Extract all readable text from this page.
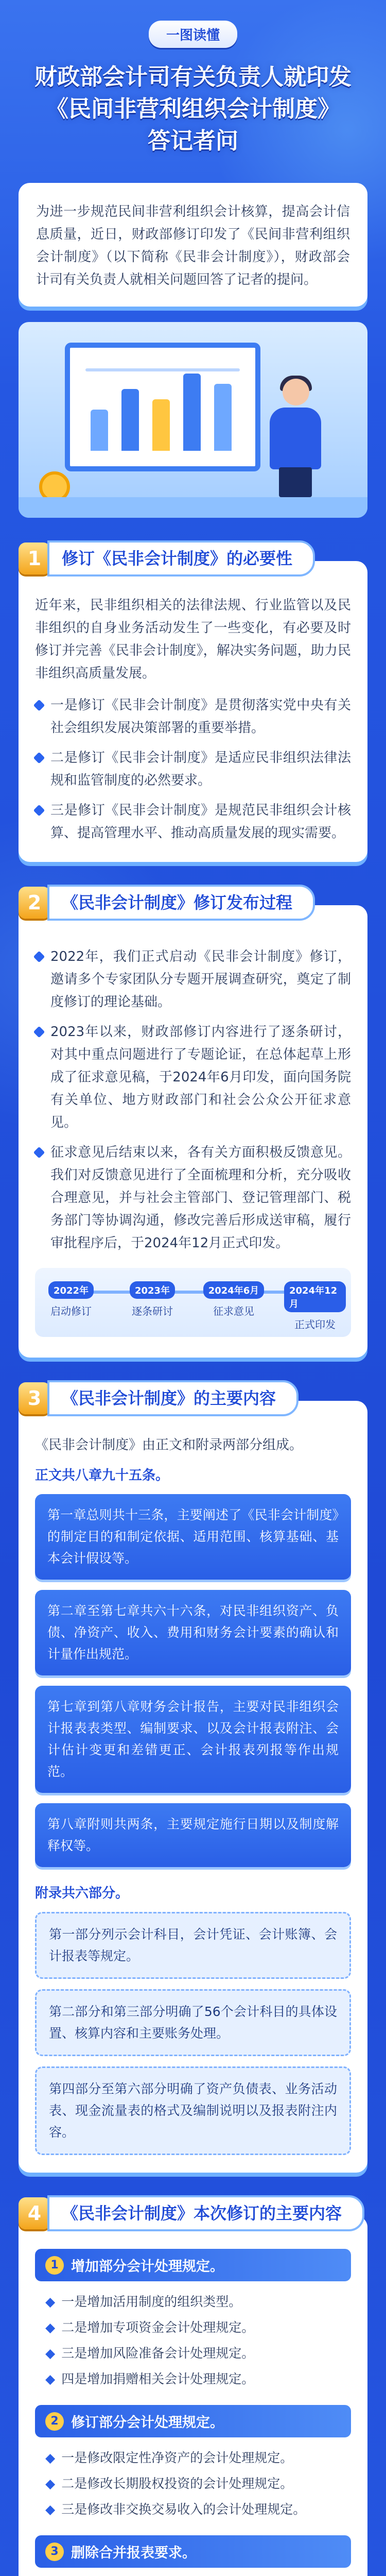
一图读懂
财政部会计司有关负责人就印发
《民间非营利组织会计制度》
答记者问

为进一步规范民间非营利组织会计核算，提高会计信息质量，近日，财政部修订印发了《民间非营利组织会计制度》（以下简称《民非会计制度》），财政部会计司有关负责人就相关问题回答了记者的提问。

1	修订《民非会计制度》的必要性

近年来，民非组织相关的法律法规、行业监管以及民非组织的自身业务活动发生了一些变化，有必要及时修订并完善《民非会计制度》，解决实务问题，助力民非组织高质量发展。

一是修订《民非会计制度》是贯彻落实党中央有关社会组织发展决策部署的重要举措。
二是修订《民非会计制度》是适应民非组织法律法规和监管制度的必然要求。
三是修订《民非会计制度》是规范民非组织会计核算、提高管理水平、推动高质量发展的现实需要。
2	《民非会计制度》修订发布过程
2022年，我们正式启动《民非会计制度》修订，邀请多个专家团队分专题开展调查研究，奠定了制度修订的理论基础。
2023年以来，财政部修订内容进行了逐条研讨，对其中重点问题进行了专题论证，在总体起草上形成了征求意见稿，于2024年6月印发，面向国务院有关单位、地方财政部门和社会公众公开征求意见。
征求意见后结束以来，各有关方面积极反馈意见。我们对反馈意见进行了全面梳理和分析，充分吸收合理意见，并与社会主管部门、登记管理部门、税务部门等协调沟通，修改完善后形成送审稿，履行审批程序后，于2024年12月正式印发。
2022年
启动修订
2023年
逐条研讨
2024年6月
征求意见
2024年12月
正式印发
3	《民非会计制度》的主要内容

《民非会计制度》由正文和附录两部分组成。

正文共八章九十五条。
第一章总则共十三条，主要阐述了《民非会计制度》的制定目的和制定依据、适用范围、核算基础、基本会计假设等。
第二章至第七章共六十六条，对民非组织资产、负债、净资产、收入、费用和财务会计要素的确认和计量作出规范。
第七章到第八章财务会计报告，主要对民非组织会计报表表类型、编制要求、以及会计报表附注、会计估计变更和差错更正、会计报表列报等作出规范。
第八章附则共两条，主要规定施行日期以及制度解释权等。
附录共六部分。
第一部分列示会计科目，会计凭证、会计账簿、会计报表等规定。
第二部分和第三部分明确了56个会计科目的具体设置、核算内容和主要账务处理。
第四部分至第六部分明确了资产负债表、业务活动表、现金流量表的格式及编制说明以及报表附注内容。
4	《民非会计制度》本次修订的主要内容
1 增加部分会计处理规定。
◆ 一是增加活用制度的组织类型。
◆ 二是增加专项资金会计处理规定。
◆ 三是增加风险准备会计处理规定。
◆ 四是增加捐赠相关会计处理规定。
2 修订部分会计处理规定。
◆ 一是修改限定性净资产的会计处理规定。
◆ 二是修改长期股权投资的会计处理规定。
◆ 三是修改非交换交易收入的会计处理规定。
3 删除合并报表要求。
